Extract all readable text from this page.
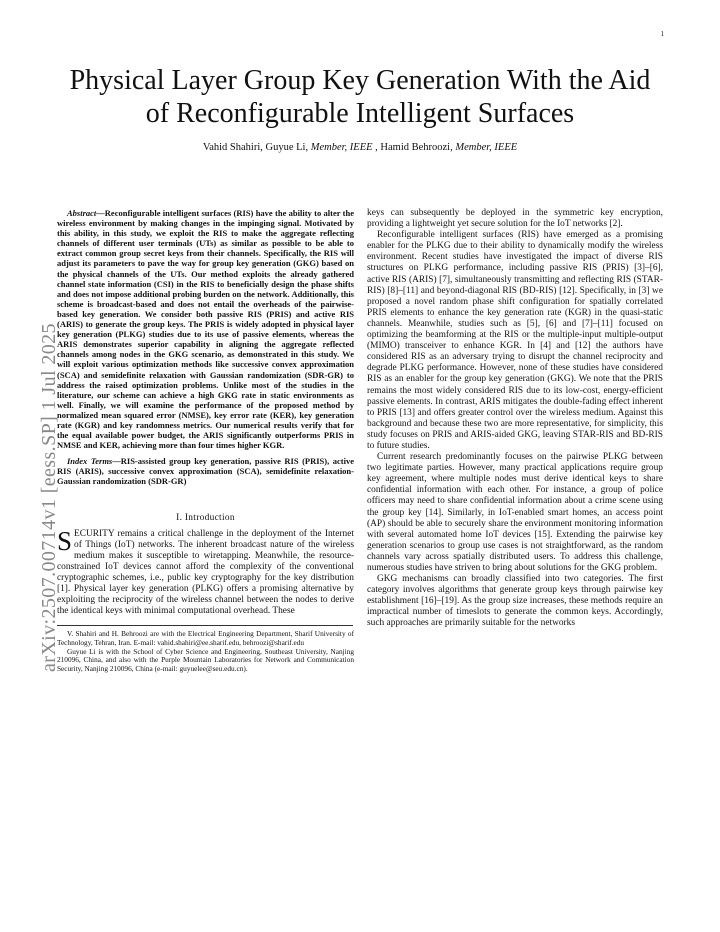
1
arXiv:2507.00714v1 [eess.SP] 1 Jul 2025
Physical Layer Group Key Generation With the Aid
of Reconfigurable Intelligent Surfaces
Vahid Shahiri, Guyue Li, Member, IEEE , Hamid Behroozi, Member, IEEE

Abstract—Reconfigurable intelligent surfaces (RIS) have the ability to alter the wireless environment by making changes in the impinging signal. Motivated by this ability, in this study, we exploit the RIS to make the aggregate reflecting channels of different user terminals (UTs) as similar as possible to be able to extract common group secret keys from their channels. Specifically, the RIS will adjust its parameters to pave the way for group key generation (GKG) based on the physical channels of the UTs. Our method exploits the already gathered channel state information (CSI) in the RIS to beneficially design the phase shifts and does not impose additional probing burden on the network. Additionally, this scheme is broadcast-based and does not entail the overheads of the pairwise-based key generation. We consider both passive RIS (PRIS) and active RIS (ARIS) to generate the group keys. The PRIS is widely adopted in physical layer key generation (PLKG) studies due to its use of passive elements, whereas the ARIS demonstrates superior capability in aligning the aggregate reflected channels among nodes in the GKG scenario, as demonstrated in this study. We will exploit various optimization methods like successive convex approximation (SCA) and semidefinite relaxation with Gaussian randomization (SDR-GR) to address the raised optimization problems. Unlike most of the studies in the literature, our scheme can achieve a high GKG rate in static environments as well. Finally, we will examine the performance of the proposed method by normalized mean squared error (NMSE), key error rate (KER), key generation rate (KGR) and key randomness metrics. Our numerical results verify that for the equal available power budget, the ARIS significantly outperforms PRIS in NMSE and KER, achieving more than four times higher KGR.

Index Terms—RIS-assisted group key generation, passive RIS (PRIS), active RIS (ARIS), successive convex approximation (SCA), semidefinite relaxation-Gaussian randomization (SDR-GR)

I. Introduction

SECURITY remains a critical challenge in the deployment of the Internet of Things (IoT) networks. The inherent broadcast nature of the wireless medium makes it susceptible to wiretapping. Meanwhile, the resource-constrained IoT devices cannot afford the complexity of the conventional cryptographic schemes, i.e., public key cryptography for the key distribution [1]. Physical layer key generation (PLKG) offers a promising alternative by exploiting the reciprocity of the wireless channel between the nodes to derive the identical keys with minimal computational overhead. These

V. Shahiri and H. Behroozi are with the Electrical Engineering Department, Sharif University of Technology, Tehran, Iran. E-mail: vahid.shahiri@ee.sharif.edu, behroozi@sharif.edu

Guyue Li is with the School of Cyber Science and Engineering, Southeast University, Nanjing 210096, China, and also with the Purple Mountain Laboratories for Network and Communication Security, Nanjing 210096, China (e-mail: guyuelee@seu.edu.cn).

keys can subsequently be deployed in the symmetric key encryption, providing a lightweight yet secure solution for the IoT networks [2].

Reconfigurable intelligent surfaces (RIS) have emerged as a promising enabler for the PLKG due to their ability to dynamically modify the wireless environment. Recent studies have investigated the impact of diverse RIS structures on PLKG performance, including passive RIS (PRIS) [3]–[6], active RIS (ARIS) [7], simultaneously transmitting and reflecting RIS (STAR-RIS) [8]–[11] and beyond-diagonal RIS (BD-RIS) [12]. Specifically, in [3] we proposed a novel random phase shift configuration for spatially correlated PRIS elements to enhance the key generation rate (KGR) in the quasi-static channels. Meanwhile, studies such as [5], [6] and [7]–[11] focused on optimizing the beamforming at the RIS or the multiple-input multiple-output (MIMO) transceiver to enhance KGR. In [4] and [12] the authors have considered RIS as an adversary trying to disrupt the channel reciprocity and degrade PLKG performance. However, none of these studies have considered RIS as an enabler for the group key generation (GKG). We note that the PRIS remains the most widely considered RIS due to its low-cost, energy-efficient passive elements. In contrast, ARIS mitigates the double-fading effect inherent to PRIS [13] and offers greater control over the wireless medium. Against this background and because these two are more representative, for simplicity, this study focuses on PRIS and ARIS-aided GKG, leaving STAR-RIS and BD-RIS to future studies.

Current research predominantly focuses on the pairwise PLKG between two legitimate parties. However, many practical applications require group key agreement, where multiple nodes must derive identical keys to share confidential information with each other. For instance, a group of police officers may need to share confidential information about a crime scene using the group key [14]. Similarly, in IoT-enabled smart homes, an access point (AP) should be able to securely share the environment monitoring information with several automated home IoT devices [15]. Extending the pairwise key generation scenarios to group use cases is not straightforward, as the random channels vary across spatially distributed users. To address this challenge, numerous studies have striven to bring about solutions for the GKG problem.

GKG mechanisms can broadly classified into two categories. The first category involves algorithms that generate group keys through pairwise key establishment [16]–[19]. As the group size increases, these methods require an impractical number of timeslots to generate the common keys. Accordingly, such approaches are primarily suitable for the networks
